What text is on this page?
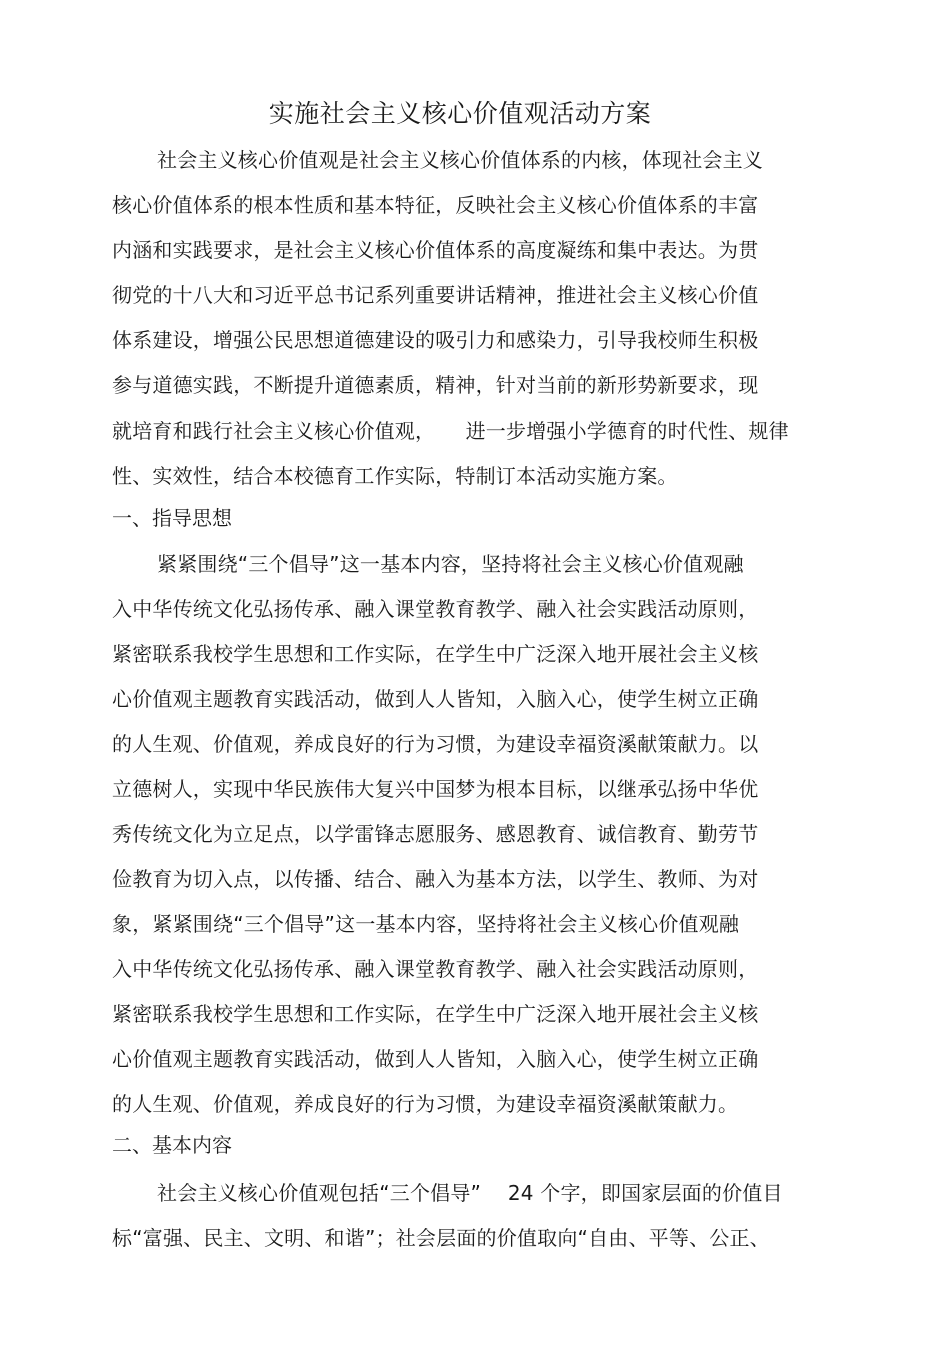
实施社会主义核心价值观活动方案
社会主义核心价值观是社会主义核心价值体系的内核，体现社会主义
核心价值体系的根本性质和基本特征，反映社会主义核心价值体系的丰富
内涵和实践要求，是社会主义核心价值体系的高度凝练和集中表达。为贯
彻党的十八大和习近平总书记系列重要讲话精神，推进社会主义核心价值
体系建设，增强公民思想道德建设的吸引力和感染力，引导我校师生积极
参与道德实践，不断提升道德素质，精神，针对当前的新形势新要求，现
就培育和践行社会主义核心价值观，　　进一步增强小学德育的时代性、规律
性、实效性，结合本校德育工作实际，特制订本活动实施方案。
一、指导思想
紧紧围绕“三个倡导”这一基本内容，坚持将社会主义核心价值观融
入中华传统文化弘扬传承、融入课堂教育教学、融入社会实践活动原则，
紧密联系我校学生思想和工作实际，在学生中广泛深入地开展社会主义核
心价值观主题教育实践活动，做到人人皆知，入脑入心，使学生树立正确
的人生观、价值观，养成良好的行为习惯，为建设幸福资溪献策献力。以
立德树人，实现中华民族伟大复兴中国梦为根本目标，以继承弘扬中华优
秀传统文化为立足点，以学雷锋志愿服务、感恩教育、诚信教育、勤劳节
俭教育为切入点，以传播、结合、融入为基本方法，以学生、教师、为对
象，紧紧围绕“三个倡导”这一基本内容，坚持将社会主义核心价值观融
入中华传统文化弘扬传承、融入课堂教育教学、融入社会实践活动原则，
紧密联系我校学生思想和工作实际，在学生中广泛深入地开展社会主义核
心价值观主题教育实践活动，做到人人皆知，入脑入心，使学生树立正确
的人生观、价值观，养成良好的行为习惯，为建设幸福资溪献策献力。
二、基本内容
社会主义核心价值观包括“三个倡导”　 24 个字，即国家层面的价值目
标“富强、民主、文明、和谐”；社会层面的价值取向“自由、平等、公正、
